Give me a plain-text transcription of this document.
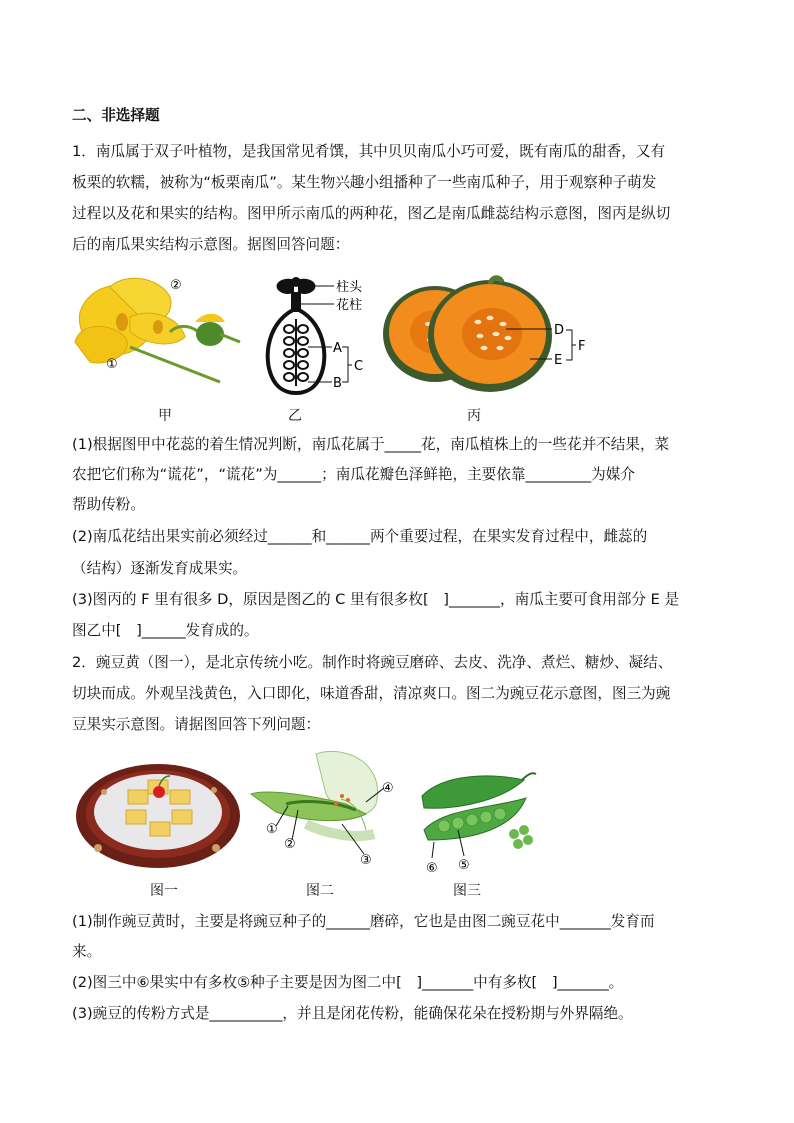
二、非选择题
1．南瓜属于双子叶植物，是我国常见肴馔，其中贝贝南瓜小巧可爱，既有南瓜的甜香，又有
板栗的软糯，被称为“板栗南瓜”。某生物兴趣小组播种了一些南瓜种子，用于观察种子萌发
过程以及花和果实的结构。图甲所示南瓜的两种花，图乙是南瓜雌蕊结构示意图，图丙是纵切
后的南瓜果实结构示意图。据图回答问题：
②
①
柱头
花柱
A
B
C
D
E
F
甲	乙	丙
(1)根据图甲中花蕊的着生情况判断，南瓜花属于_____花，南瓜植株上的一些花并不结果，菜
农把它们称为“谎花”，“谎花”为______；南瓜花瓣色泽鲜艳，主要依靠_________为媒介
帮助传粉。
(2)南瓜花结出果实前必须经过______和______两个重要过程，在果实发育过程中，雌蕊的
（结构）逐渐发育成果实。
(3)图丙的 F 里有很多 D，原因是图乙的 C 里有很多枚[　]_______，南瓜主要可食用部分 E 是
图乙中[　]______发育成的。
2．豌豆黄（图一），是北京传统小吃。制作时将豌豆磨碎、去皮、洗净、煮烂、糖炒、凝结、
切块而成。外观呈浅黄色，入口即化，味道香甜，清凉爽口。图二为豌豆花示意图，图三为豌
豆果实示意图。请据图回答下列问题：
①
②
③
④
⑥ ⑤
图一	图二	图三
(1)制作豌豆黄时，主要是将豌豆种子的______磨碎，它也是由图二豌豆花中_______发育而
来。
(2)图三中⑥果实中有多枚⑤种子主要是因为图二中[　]_______中有多枚[　]_______。
(3)豌豆的传粉方式是__________，并且是闭花传粉，能确保花朵在授粉期与外界隔绝。
